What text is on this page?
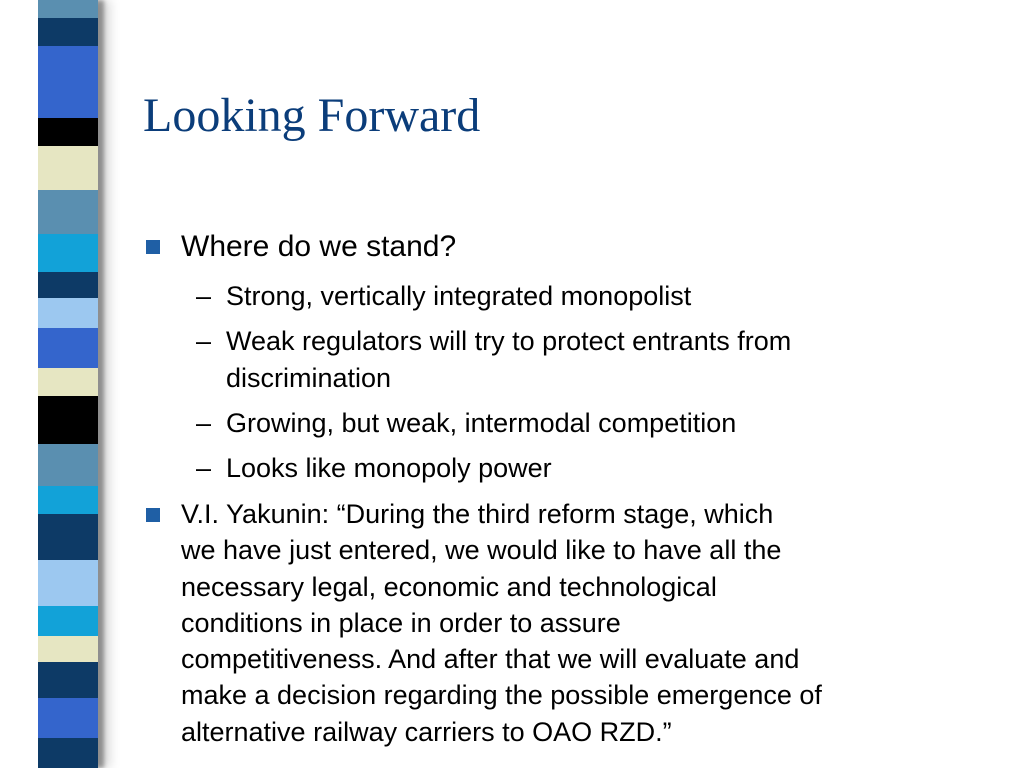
Looking Forward
Where do we stand?
– Strong, vertically integrated monopolist
– Weak regulators will try to protect entrants from
discrimination
– Growing, but weak, intermodal competition
– Looks like monopoly power
V.I. Yakunin: “During the third reform stage, which
we have just entered, we would like to have all the
necessary legal, economic and technological
conditions in place in order to assure
competitiveness. And after that we will evaluate and
make a decision regarding the possible emergence of
alternative railway carriers to OAO RZD.”
